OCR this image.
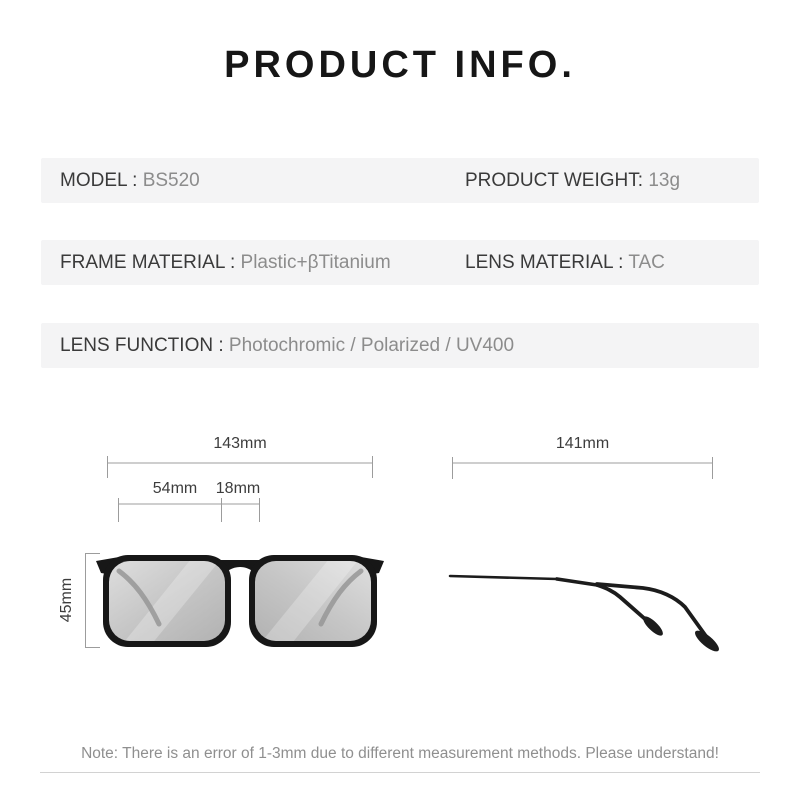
PRODUCT INFO.
MODEL : BS520	PRODUCT WEIGHT: 13g
FRAME MATERIAL : Plastic+βTitanium	LENS MATERIAL : TAC
LENS FUNCTION : Photochromic / Polarized / UV400
143mm
54mm	18mm
141mm
45mm
Note: There is an error of 1-3mm due to different measurement methods. Please understand!
